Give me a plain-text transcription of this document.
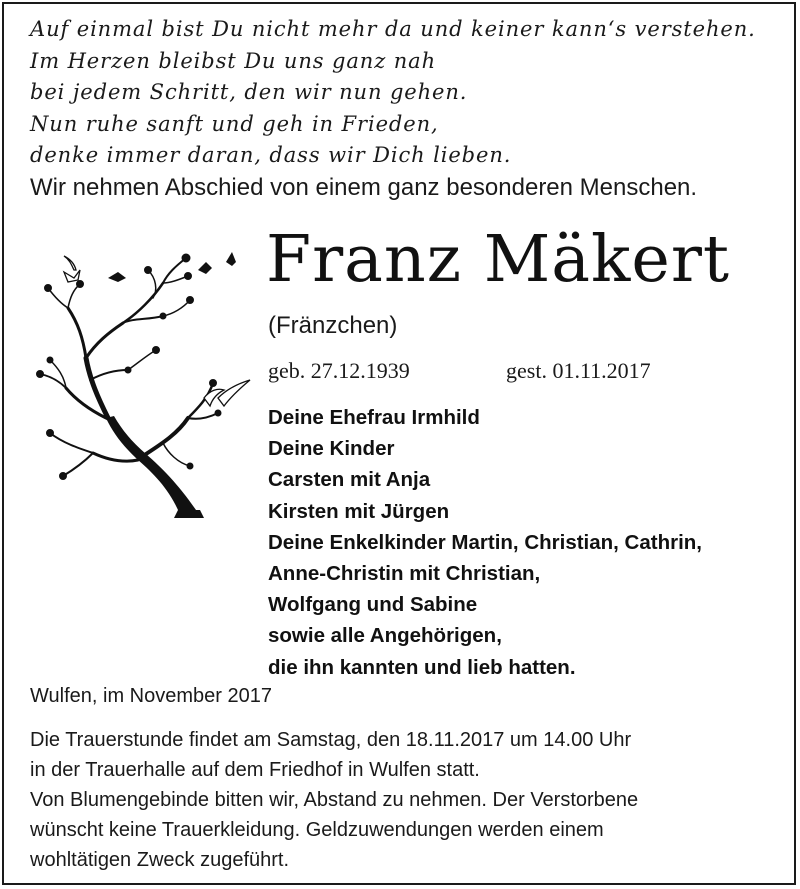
Auf einmal bist Du nicht mehr da und keiner kann‘s verstehen.
Im Herzen bleibst Du uns ganz nah
bei jedem Schritt, den wir nun gehen.
Nun ruhe sanft und geh in Frieden,
denke immer daran, dass wir Dich lieben.
Wir nehmen Abschied von einem ganz besonderen Menschen.
Franz Mäkert
(Fränzchen)
geb. 27.12.1939	gest. 01.11.2017
Deine Ehefrau Irmhild
Deine Kinder
Carsten mit Anja
Kirsten mit Jürgen
Deine Enkelkinder Martin, Christian, Cathrin,
Anne-Christin mit Christian,
Wolfgang und Sabine
sowie alle Angehörigen,
die ihn kannten und lieb hatten.
Wulfen, im November 2017
Die Trauerstunde findet am Samstag, den 18.11.2017 um 14.00 Uhr
in der Trauerhalle auf dem Friedhof in Wulfen statt.
Von Blumengebinde bitten wir, Abstand zu nehmen. Der Verstorbene
wünscht keine Trauerkleidung. Geldzuwendungen werden einem
wohltätigen Zweck zugeführt.
